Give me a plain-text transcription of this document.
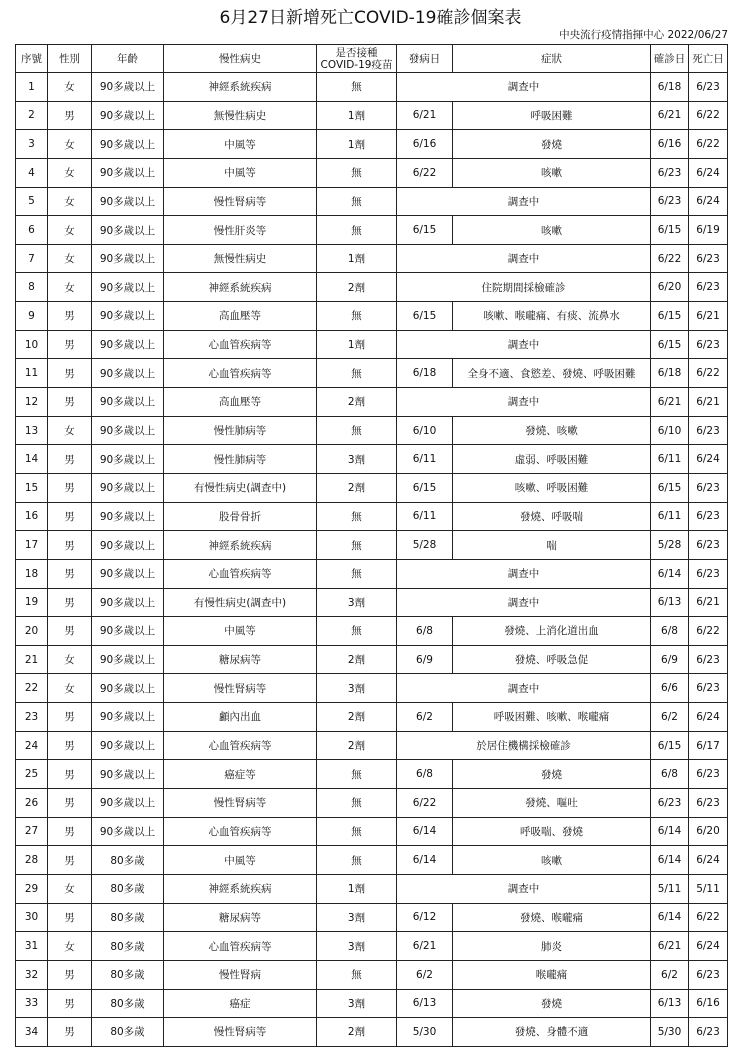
6月27日新增死亡COVID-19確診個案表
中央流行疫情指揮中心 2022/06/27
序號	性別	年齡	慢性病史	是否接種COVID-19疫苗	發病日	症狀	確診日	死亡日
1	女	90多歲以上	神經系統疾病	無	調查中		6/18	6/23
2	男	90多歲以上	無慢性病史	1劑	6/21	呼吸困難	6/21	6/22
3	女	90多歲以上	中風等	1劑	6/16	發燒	6/16	6/22
4	女	90多歲以上	中風等	無	6/22	咳嗽	6/23	6/24
5	女	90多歲以上	慢性腎病等	無	調查中		6/23	6/24
6	女	90多歲以上	慢性肝炎等	無	6/15	咳嗽	6/15	6/19
7	女	90多歲以上	無慢性病史	1劑	調查中		6/22	6/23
8	女	90多歲以上	神經系統疾病	2劑	住院期間採檢確診		6/20	6/23
9	男	90多歲以上	高血壓等	無	6/15	咳嗽、喉嚨痛、有痰、流鼻水	6/15	6/21
10	男	90多歲以上	心血管疾病等	1劑	調查中		6/15	6/23
11	男	90多歲以上	心血管疾病等	無	6/18	全身不適、食慾差、發燒、呼吸困難	6/18	6/22
12	男	90多歲以上	高血壓等	2劑	調查中		6/21	6/21
13	女	90多歲以上	慢性肺病等	無	6/10	發燒、咳嗽	6/10	6/23
14	男	90多歲以上	慢性肺病等	3劑	6/11	虛弱、呼吸困難	6/11	6/24
15	男	90多歲以上	有慢性病史(調查中)	2劑	6/15	咳嗽、呼吸困難	6/15	6/23
16	男	90多歲以上	股骨骨折	無	6/11	發燒、呼吸喘	6/11	6/23
17	男	90多歲以上	神經系統疾病	無	5/28	喘	5/28	6/23
18	男	90多歲以上	心血管疾病等	無	調查中		6/14	6/23
19	男	90多歲以上	有慢性病史(調查中)	3劑	調查中		6/13	6/21
20	男	90多歲以上	中風等	無	6/8	發燒、上消化道出血	6/8	6/22
21	女	90多歲以上	糖尿病等	2劑	6/9	發燒、呼吸急促	6/9	6/23
22	女	90多歲以上	慢性腎病等	3劑	調查中		6/6	6/23
23	男	90多歲以上	顱內出血	2劑	6/2	呼吸困難、咳嗽、喉嚨痛	6/2	6/24
24	男	90多歲以上	心血管疾病等	2劑	於居住機構採檢確診		6/15	6/17
25	男	90多歲以上	癌症等	無	6/8	發燒	6/8	6/23
26	男	90多歲以上	慢性腎病等	無	6/22	發燒、嘔吐	6/23	6/23
27	男	90多歲以上	心血管疾病等	無	6/14	呼吸喘、發燒	6/14	6/20
28	男	80多歲	中風等	無	6/14	咳嗽	6/14	6/24
29	女	80多歲	神經系統疾病	1劑	調查中		5/11	5/11
30	男	80多歲	糖尿病等	3劑	6/12	發燒、喉嚨痛	6/14	6/22
31	女	80多歲	心血管疾病等	3劑	6/21	肺炎	6/21	6/24
32	男	80多歲	慢性腎病	無	6/2	喉嚨痛	6/2	6/23
33	男	80多歲	癌症	3劑	6/13	發燒	6/13	6/16
34	男	80多歲	慢性腎病等	2劑	5/30	發燒、身體不適	5/30	6/23
